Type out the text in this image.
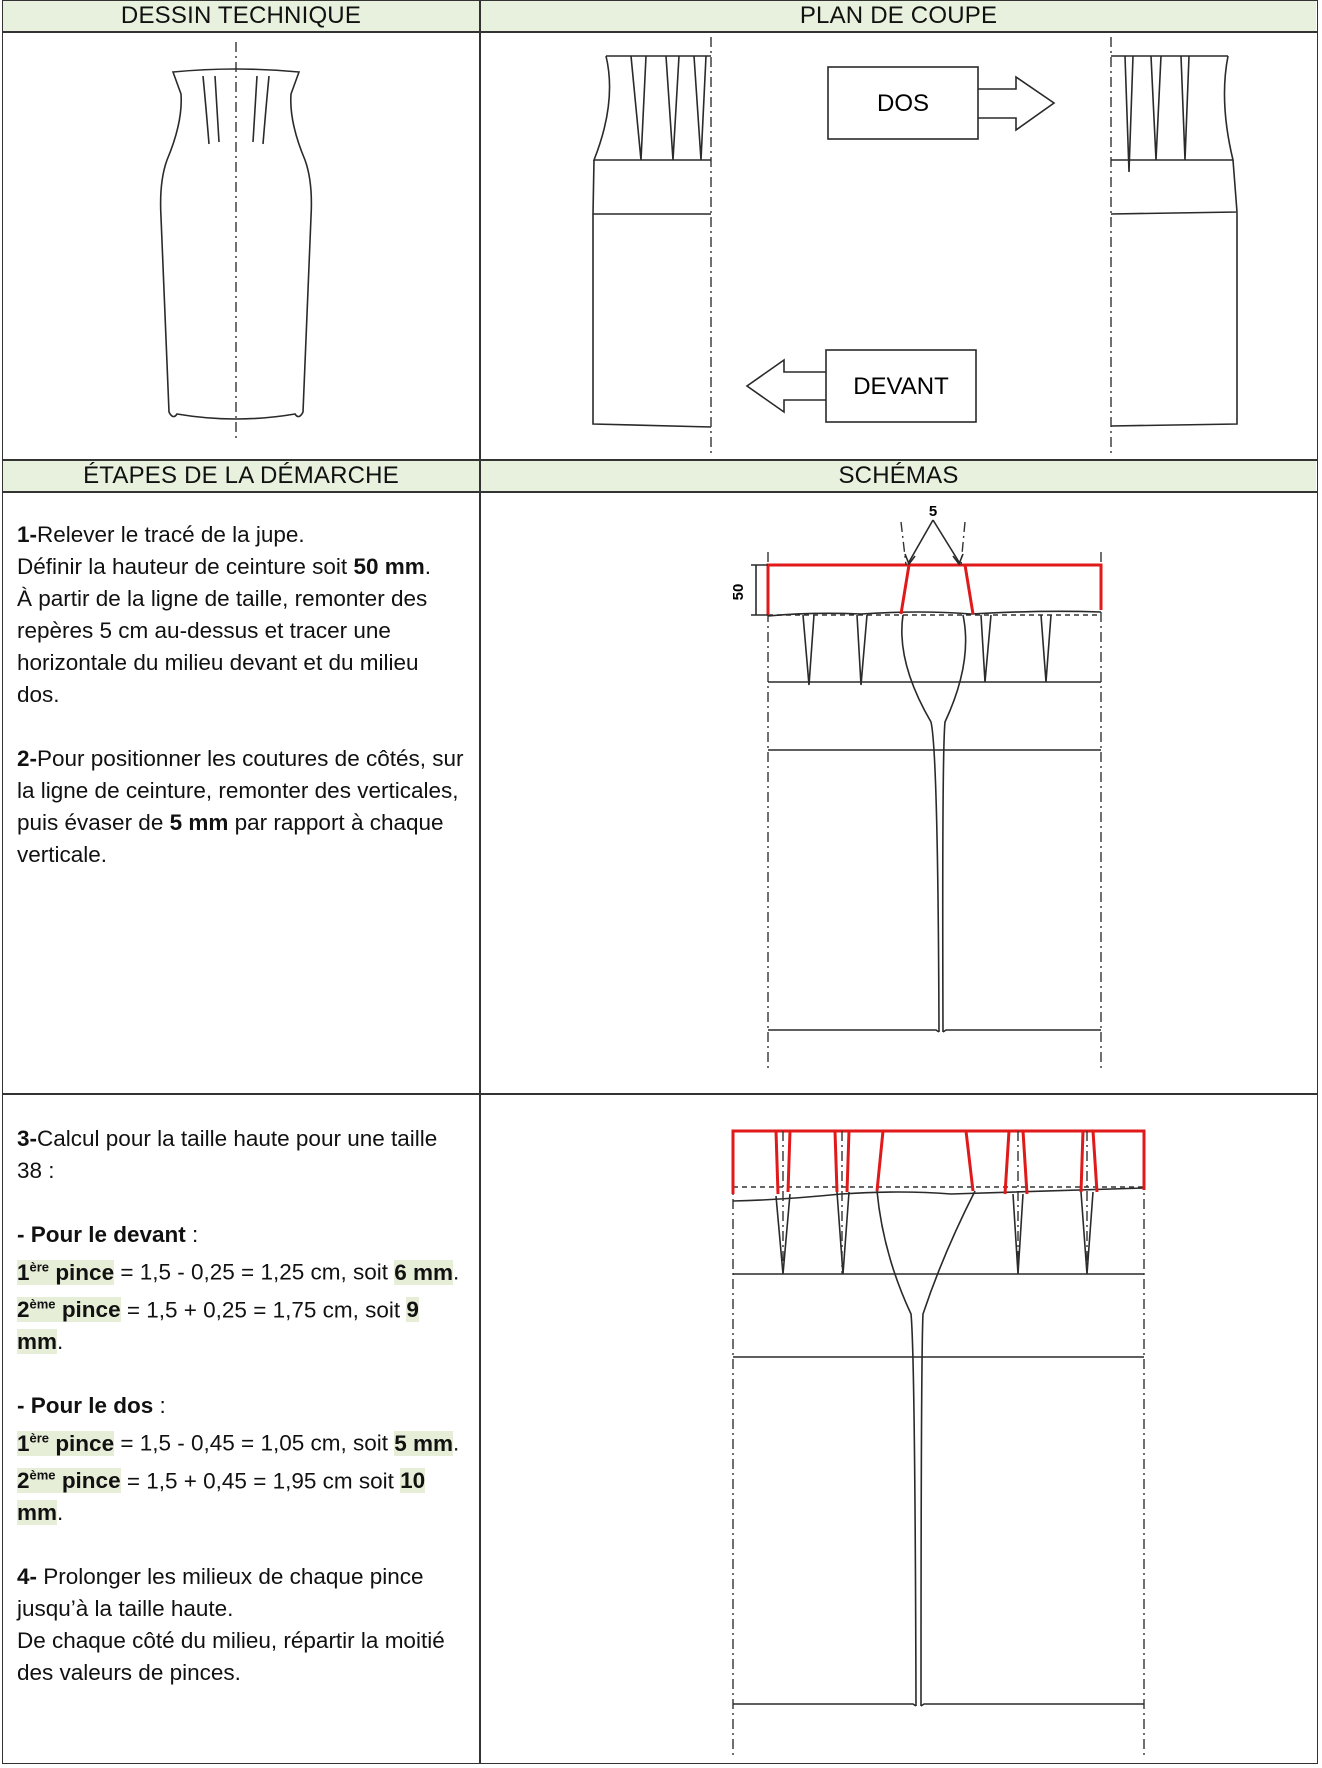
DESSIN TECHNIQUE	PLAN DE COUPE
ÉTAPES DE LA DÉMARCHE	SCHÉMAS
DOS
DEVANT
5
50

1-Relever le tracé de la jupe.

Définir la hauteur de ceinture soit 50 mm.

À partir de la ligne de taille, remonter des repères 5 cm au-dessus et tracer une horizontale du milieu devant et du milieu dos.

2-Pour positionner les coutures de côtés, sur la ligne de ceinture, remonter des verticales, puis évaser de 5 mm par rapport à chaque verticale.

3-Calcul pour la taille haute pour une taille 38 :

- Pour le devant :

1ère pince = 1,5 - 0,25 = 1,25 cm, soit 6 mm.

2ème pince = 1,5 + 0,25 = 1,75 cm, soit 9 mm.

- Pour le dos :

1ère pince = 1,5 - 0,45 = 1,05 cm, soit 5 mm.

2ème pince = 1,5 + 0,45 = 1,95 cm soit 10 mm.

4- Prolonger les milieux de chaque pince jusqu’à la taille haute.

De chaque côté du milieu, répartir la moitié des valeurs de pinces.
